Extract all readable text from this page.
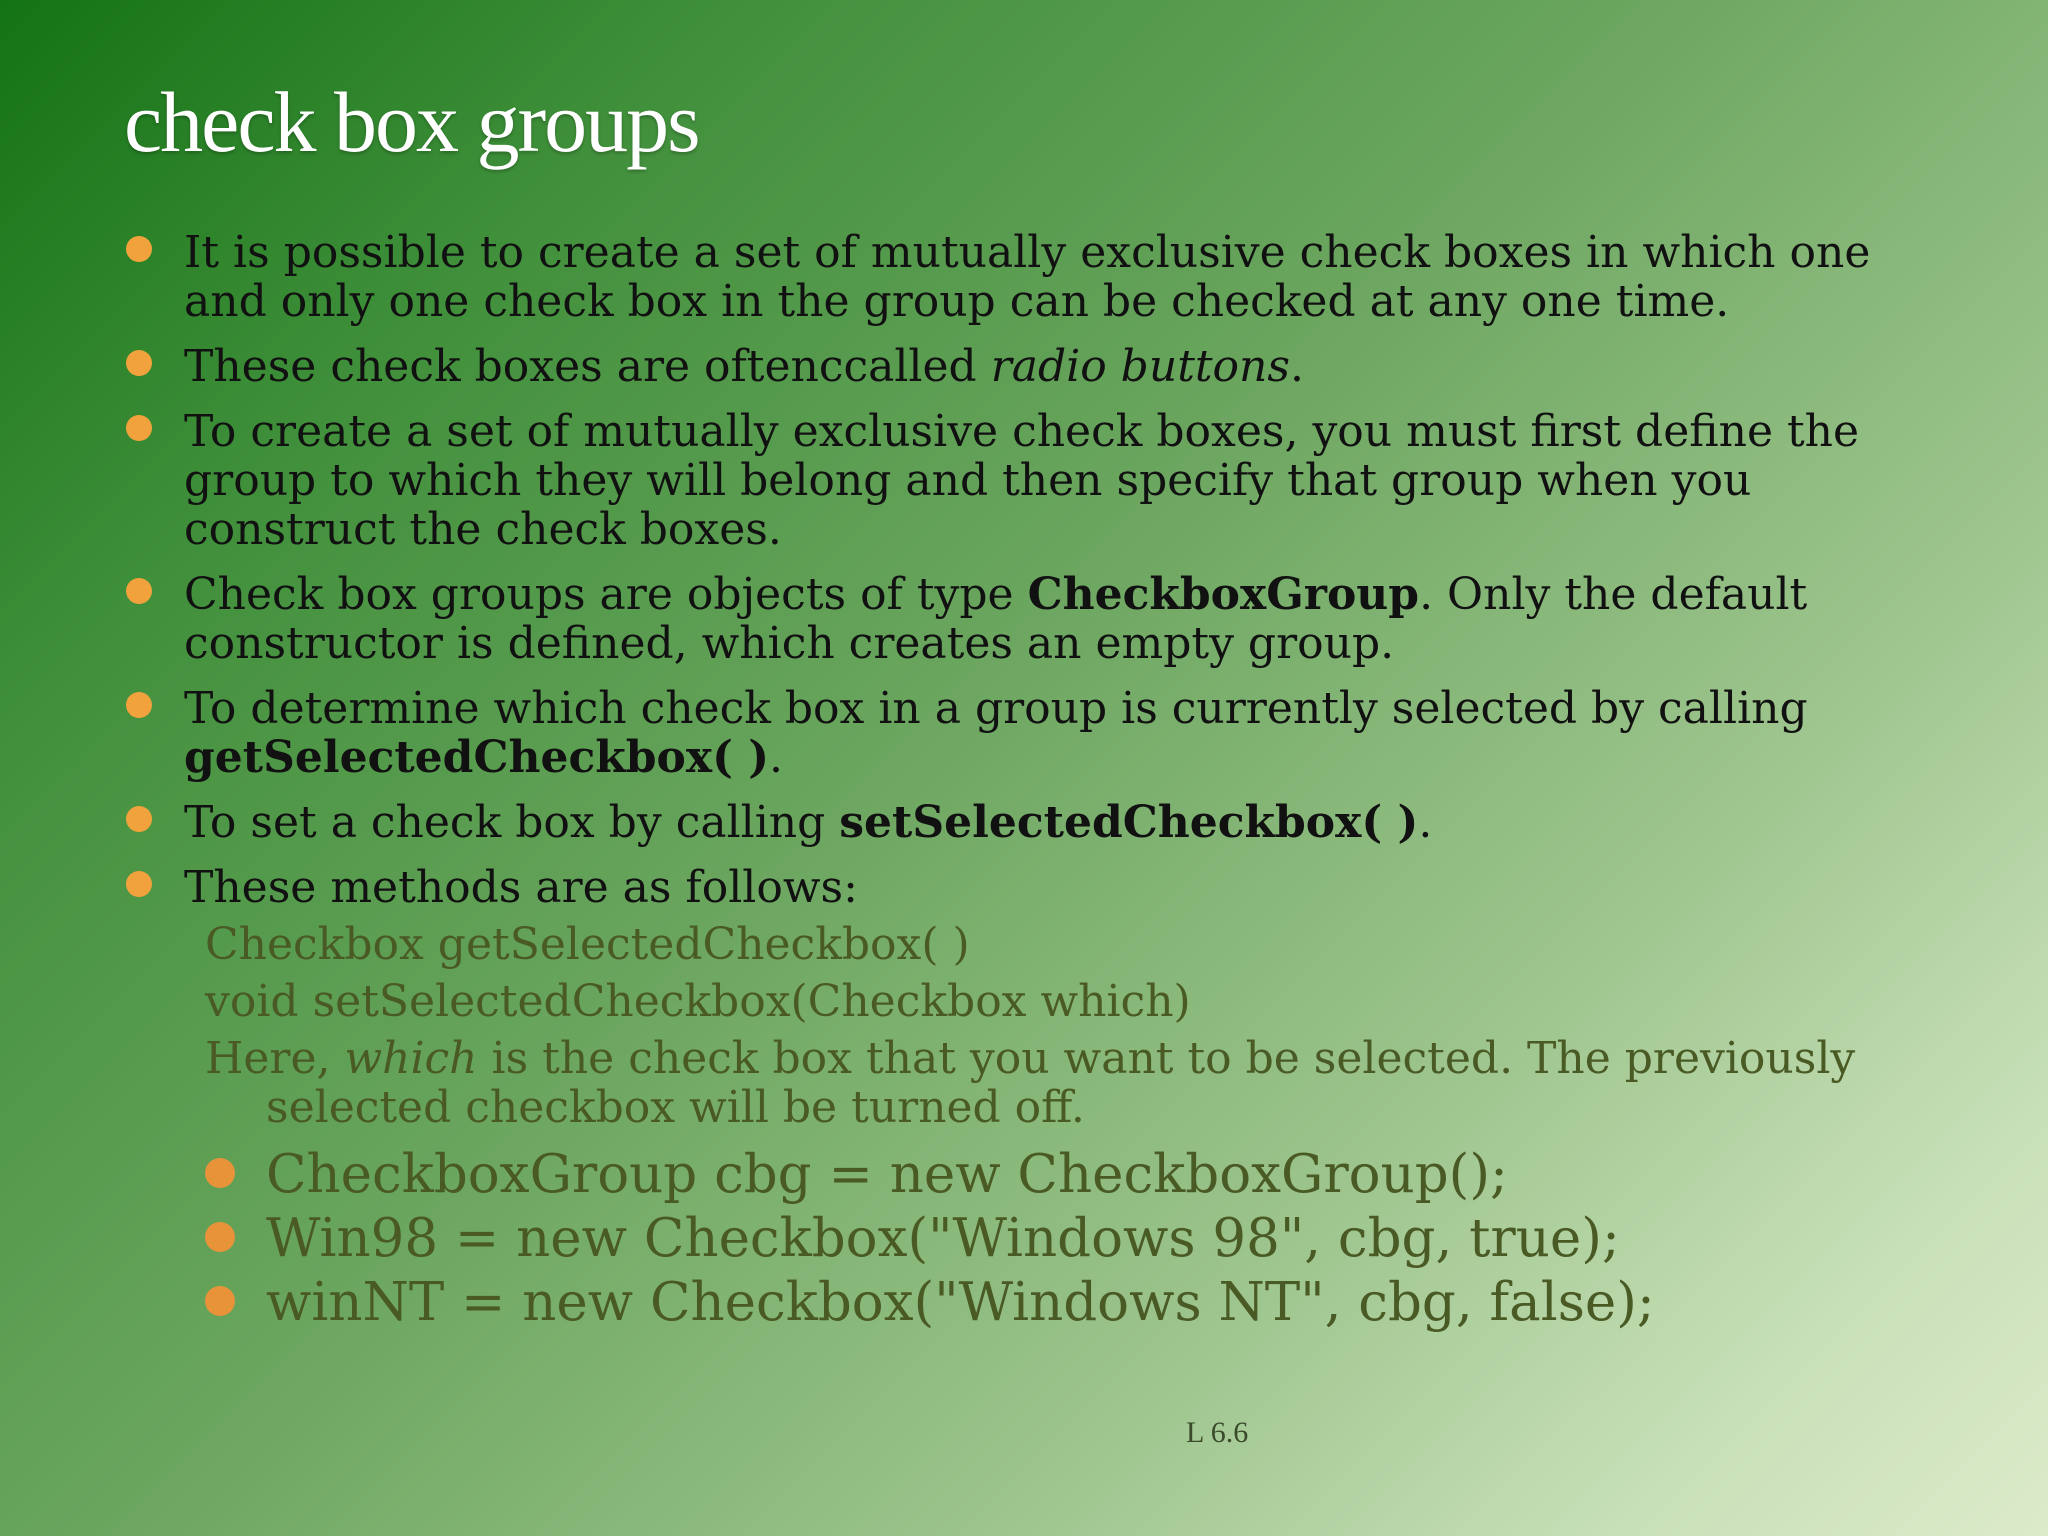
check box groups
It is possible to create a set of mutually exclusive check boxes in which one and only one check box in the group can be checked at any one time.
These check boxes are oftenccalled radio buttons.
To create a set of mutually exclusive check boxes, you must first define the group to which they will belong and then specify that group when you construct the check boxes.
Check box groups are objects of type CheckboxGroup. Only the default constructor is defined, which creates an empty group.
To determine which check box in a group is currently selected by calling getSelectedCheckbox( ).
To set a check box by calling setSelectedCheckbox( ).
These methods are as follows:
Checkbox getSelectedCheckbox( )
void setSelectedCheckbox(Checkbox which)
Here, which is the check box that you want to be selected. The previously selected checkbox will be turned off.
CheckboxGroup cbg = new CheckboxGroup();
Win98 = new Checkbox("Windows 98", cbg, true);
winNT = new Checkbox("Windows NT", cbg, false);
L 6.6
